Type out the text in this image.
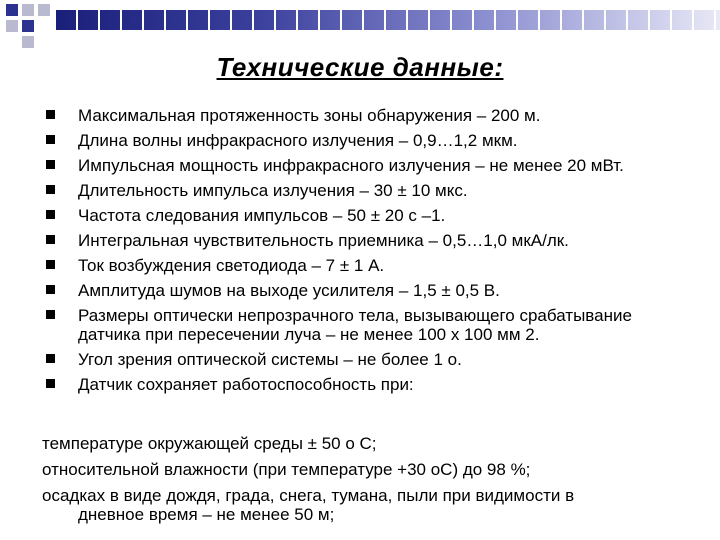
Технические данные:
Максимальная протяженность зоны обнаружения – 200 м.
Длина волны инфракрасного излучения – 0,9…1,2 мкм.
Импульсная мощность инфракрасного излучения – не менее 20 мВт.
Длительность импульса излучения – 30 ± 10 мкс.
Частота следования импульсов – 50 ± 20 с –1.
Интегральная чувствительность приемника – 0,5…1,0 мкА/лк.
Ток возбуждения светодиода – 7 ± 1 А.
Амплитуда шумов на выходе усилителя – 1,5 ± 0,5 В.
Размеры оптически непрозрачного тела, вызывающего срабатывание датчика при пересечении луча – не менее 100 х 100 мм 2.
Угол зрения оптической системы – не более 1 о.
Датчик сохраняет работоспособность при:
температуре окружающей среды ± 50 о С;
относительной влажности (при температуре +30 оС) до 98 %;
осадках в виде дождя, града, снега, тумана, пыли при видимости в
дневное время – не менее 50 м;
